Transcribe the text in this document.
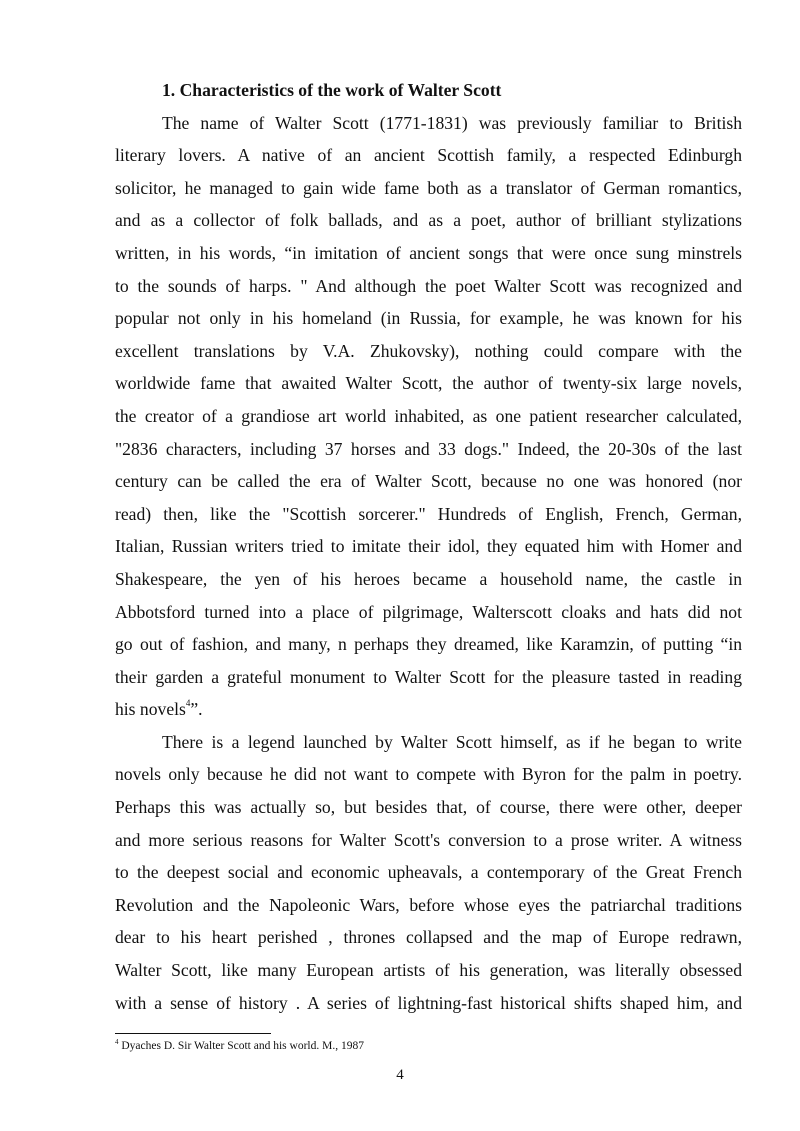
1. Characteristics of the work of Walter Scott

The name of Walter Scott (1771-1831) was previously familiar to British
literary lovers. A native of an ancient Scottish family, a respected Edinburgh
solicitor, he managed to gain wide fame both as a translator of German romantics,
and as a collector of folk ballads, and as a poet, author of brilliant stylizations
written, in his words, “in imitation of ancient songs that were once sung minstrels
to the sounds of harps. " And although the poet Walter Scott was recognized and
popular not only in his homeland (in Russia, for example, he was known for his
excellent translations by V.A. Zhukovsky), nothing could compare with the
worldwide fame that awaited Walter Scott, the author of twenty-six large novels,
the creator of a grandiose art world inhabited, as one patient researcher calculated,
"2836 characters, including 37 horses and 33 dogs." Indeed, the 20-30s of the last
century can be called the era of Walter Scott, because no one was honored (nor
read) then, like the "Scottish sorcerer." Hundreds of English, French, German,
Italian, Russian writers tried to imitate their idol, they equated him with Homer and
Shakespeare, the yen of his heroes became a household name, the castle in
Abbotsford turned into a place of pilgrimage, Walterscott cloaks and hats did not
go out of fashion, and many, n perhaps they dreamed, like Karamzin, of putting “in
their garden a grateful monument to Walter Scott for the pleasure tasted in reading
his novels$^4$”.

There is a legend launched by Walter Scott himself, as if he began to write
novels only because he did not want to compete with Byron for the palm in poetry.
Perhaps this was actually so, but besides that, of course, there were other, deeper
and more serious reasons for Walter Scott's conversion to a prose writer. A witness
to the deepest social and economic upheavals, a contemporary of the Great French
Revolution and the Napoleonic Wars, before whose eyes the patriarchal traditions
dear to his heart perished , thrones collapsed and the map of Europe redrawn,
Walter Scott, like many European artists of his generation, was literally obsessed
with a sense of history . A series of lightning-fast historical shifts shaped him, and

$^4$ Dyaches D. Sir Walter Scott and his world. M., 1987
4
